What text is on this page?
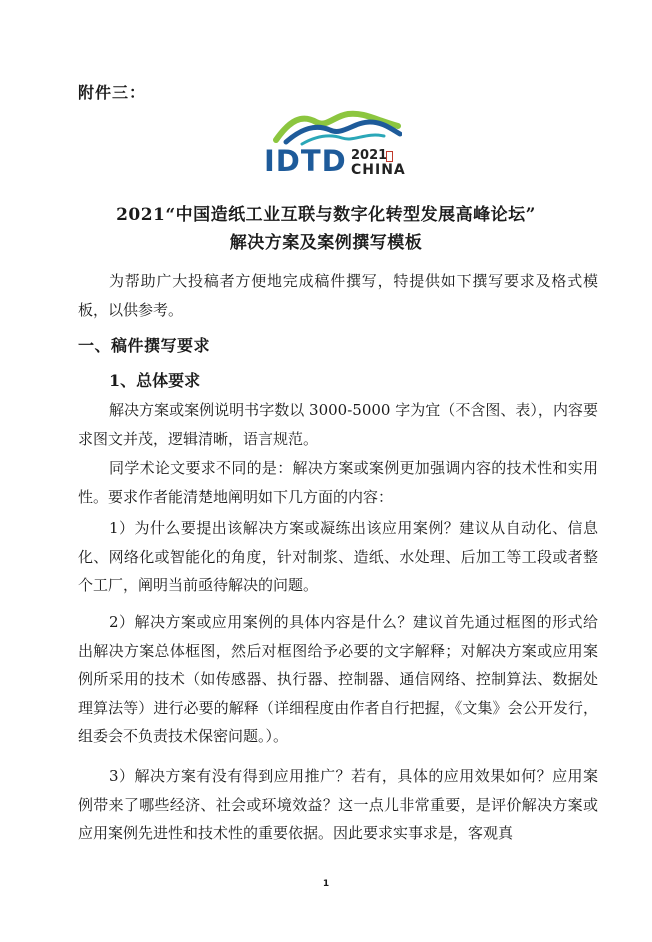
附件三：
IDTD 2021
CHINA
2021“中国造纸工业互联与数字化转型发展高峰论坛”
解决方案及案例撰写模板
为帮助广大投稿者方便地完成稿件撰写，特提供如下撰写要求及格式模板，以供参考。
一、稿件撰写要求
1、总体要求
解决方案或案例说明书字数以 3000-5000 字为宜（不含图、表），内容要求图文并茂，逻辑清晰，语言规范。
同学术论文要求不同的是：解决方案或案例更加强调内容的技术性和实用性。要求作者能清楚地阐明如下几方面的内容：
1）为什么要提出该解决方案或凝练出该应用案例？建议从自动化、信息化、网络化或智能化的角度，针对制浆、造纸、水处理、后加工等工段或者整个工厂，阐明当前亟待解决的问题。
2）解决方案或应用案例的具体内容是什么？建议首先通过框图的形式给出解决方案总体框图，然后对框图给予必要的文字解释；对解决方案或应用案例所采用的技术（如传感器、执行器、控制器、通信网络、控制算法、数据处理算法等）进行必要的解释（详细程度由作者自行把握，《文集》会公开发行，组委会不负责技术保密问题。）。
3）解决方案有没有得到应用推广？若有，具体的应用效果如何？应用案例带来了哪些经济、社会或环境效益？这一点儿非常重要，是评价解决方案或应用案例先进性和技术性的重要依据。因此要求实事求是，客观真
1
